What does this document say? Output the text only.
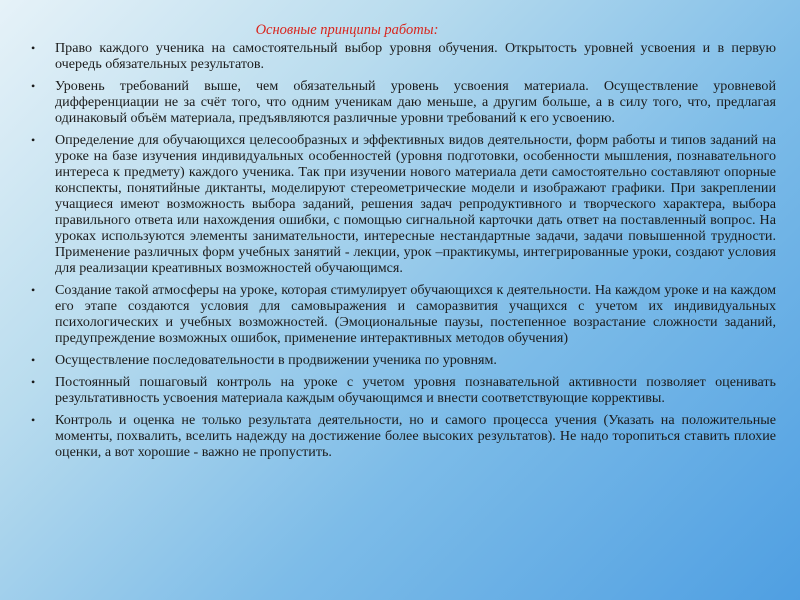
Основные принципы работы:
• Право каждого ученика на самостоятельный выбор уровня обучения. Открытость уровней усвоения и в первую очередь обязательных результатов.
• Уровень требований выше, чем обязательный уровень усвоения материала. Осуществление уровневой дифференциации не за счёт того, что одним ученикам даю меньше, а другим больше, а в силу того, что, предлагая одинаковый объём материала, предъявляются различные уровни требований к его усвоению.
• Определение для обучающихся целесообразных и эффективных видов деятельности, форм работы и типов заданий на уроке на базе изучения индивидуальных особенностей (уровня подготовки, особенности мышления, познавательного интереса к предмету) каждого ученика. Так при изучении нового материала дети самостоятельно составляют опорные конспекты, понятийные диктанты, моделируют стереометрические модели и изображают графики. При закреплении учащиеся имеют возможность выбора заданий, решения задач репродуктивного и творческого характера, выбора правильного ответа или нахождения ошибки, с помощью сигнальной карточки дать ответ на поставленный вопрос. На уроках используются элементы занимательности, интересные нестандартные задачи, задачи повышенной трудности. Применение различных форм учебных занятий - лекции, урок –практикумы, интегрированные уроки, создают условия для реализации креативных возможностей обучающимся.
• Создание такой атмосферы на уроке, которая стимулирует обучающихся к деятельности. На каждом уроке и на каждом его этапе создаются условия для самовыражения и саморазвития учащихся с учетом их индивидуальных психологических и учебных возможностей. (Эмоциональные паузы, постепенное возрастание сложности заданий, предупреждение возможных ошибок, применение интерактивных методов обучения)
• Осуществление последовательности в продвижении ученика по уровням.
• Постоянный пошаговый контроль на уроке с учетом уровня познавательной активности позволяет оценивать результативность усвоения материала каждым обучающимся и внести соответствующие коррективы.
• Контроль и оценка не только результата деятельности, но и самого процесса учения (Указать на положительные моменты, похвалить, вселить надежду на достижение более высоких результатов). Не надо торопиться ставить плохие оценки, а вот хорошие - важно не пропустить.
